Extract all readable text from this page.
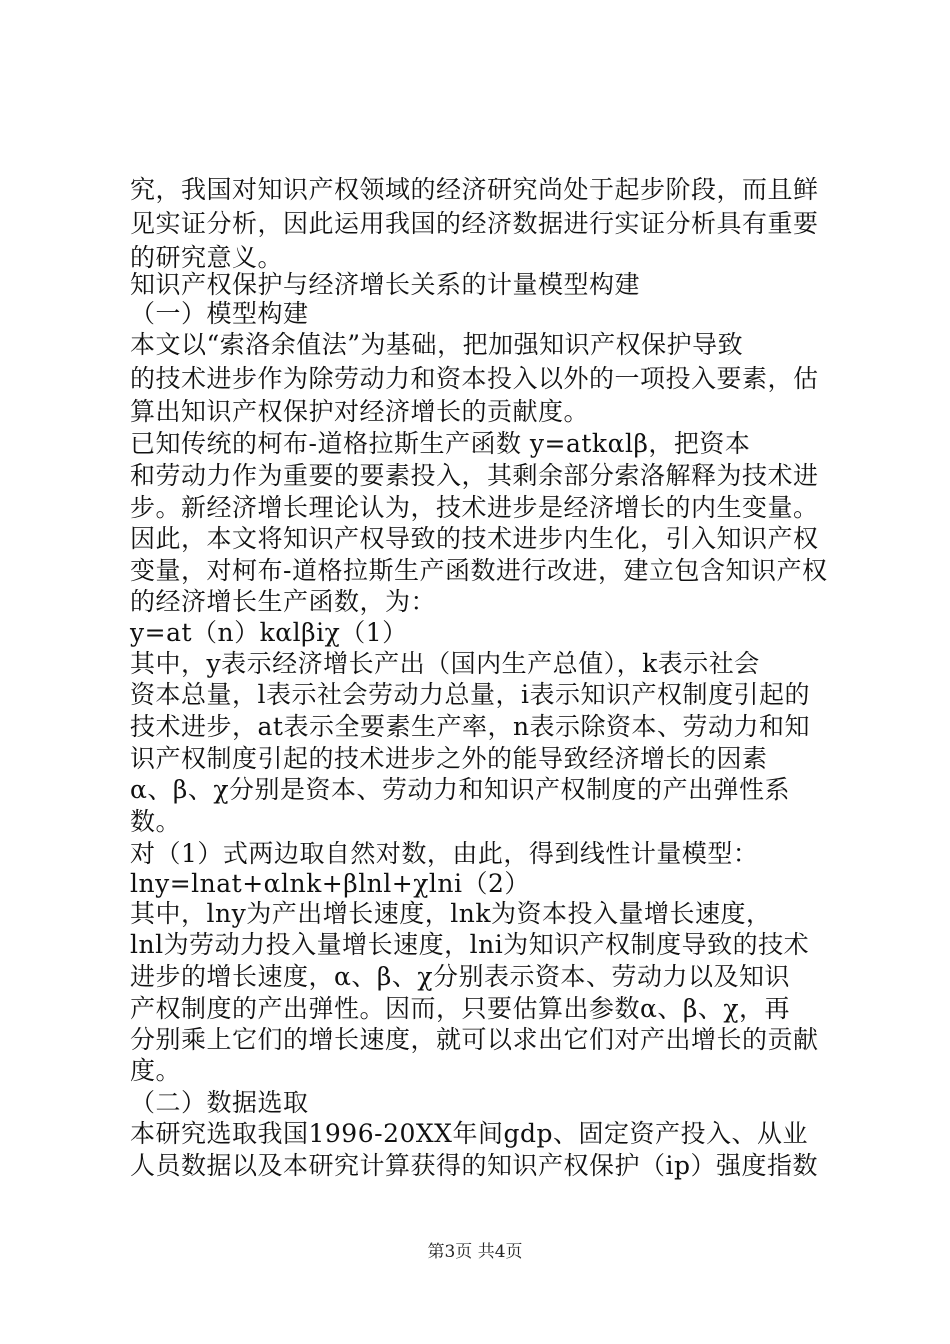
究，我国对知识产权领域的经济研究尚处于起步阶段，而且鲜
见实证分析，因此运用我国的经济数据进行实证分析具有重要
的研究意义。
知识产权保护与经济增长关系的计量模型构建
（一）模型构建
本文以“索洛余值法”为基础，把加强知识产权保护导致
的技术进步作为除劳动力和资本投入以外的一项投入要素，估
算出知识产权保护对经济增长的贡献度。
已知传统的柯布-道格拉斯生产函数 y=atkαlβ，把资本
和劳动力作为重要的要素投入，其剩余部分索洛解释为技术进
步。新经济增长理论认为，技术进步是经济增长的内生变量。
因此，本文将知识产权导致的技术进步内生化，引入知识产权
变量，对柯布-道格拉斯生产函数进行改进，建立包含知识产权
的经济增长生产函数，为：
y=at（n）kαlβiχ（1）
其中，y表示经济增长产出（国内生产总值），k表示社会
资本总量，l表示社会劳动力总量，i表示知识产权制度引起的
技术进步，at表示全要素生产率，n表示除资本、劳动力和知
识产权制度引起的技术进步之外的能导致经济增长的因素
α、β、χ分别是资本、劳动力和知识产权制度的产出弹性系
数。
对（1）式两边取自然对数，由此，得到线性计量模型：
lny=lnat+αlnk+βlnl+χlni（2）
其中，lny为产出增长速度，lnk为资本投入量增长速度，
lnl为劳动力投入量增长速度，lni为知识产权制度导致的技术
进步的增长速度，α、β、χ分别表示资本、劳动力以及知识
产权制度的产出弹性。因而，只要估算出参数α、β、χ，再
分别乘上它们的增长速度，就可以求出它们对产出增长的贡献
度。
（二）数据选取
本研究选取我国1996-20XX年间gdp、固定资产投入、从业
人员数据以及本研究计算获得的知识产权保护（ip）强度指数
第3页 共4页
